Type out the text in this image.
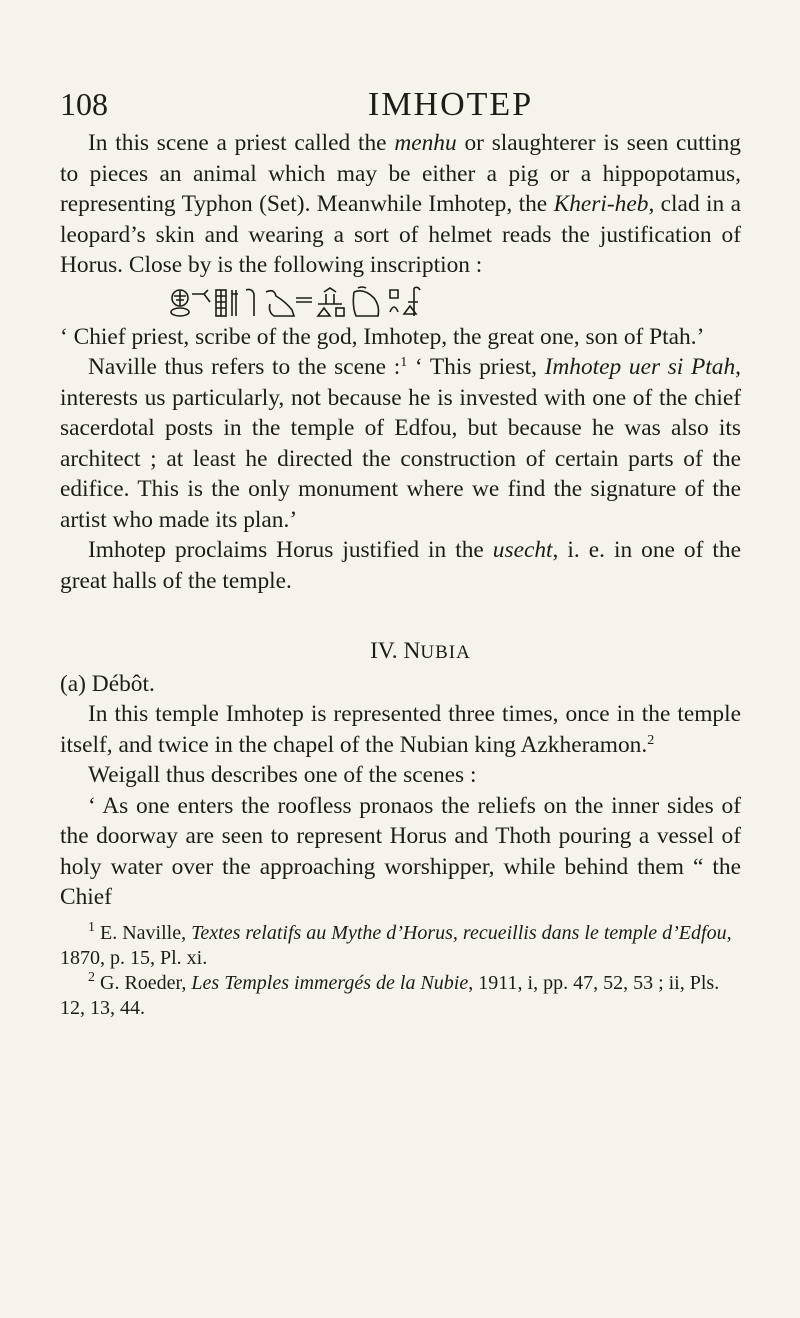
108	IMHOTEP

In this scene a priest called the menhu or slaughterer is seen cutting to pieces an animal which may be either a pig or a hippopotamus, representing Typhon (Set). Meanwhile Imhotep, the Kheri-heb, clad in a leopard’s skin and wearing a sort of helmet reads the justification of Horus. Close by is the following inscription :

‘ Chief priest, scribe of the god, Imhotep, the great one, son of Ptah.’

Naville thus refers to the scene :$^1$ ‘ This priest, Imhotep uer si Ptah, interests us particularly, not because he is invested with one of the chief sacerdotal posts in the temple of Edfou, but because he was also its architect ; at least he directed the construction of certain parts of the edifice. This is the only monument where we find the signature of the artist who made its plan.’

Imhotep proclaims Horus justified in the usecht, i. e. in one of the great halls of the temple.

IV. NUBIA

(a) Débôt.

In this temple Imhotep is represented three times, once in the temple itself, and twice in the chapel of the Nubian king Azkheramon.$^2$

Weigall thus describes one of the scenes :

‘ As one enters the roofless pronaos the reliefs on the inner sides of the doorway are seen to represent Horus and Thoth pouring a vessel of holy water over the approaching worshipper, while behind them “ the Chief

$^1$ E. Naville, Textes relatifs au Mythe d’Horus, recueillis dans le temple d’Edfou, 1870, p. 15, Pl. xi.

$^2$ G. Roeder, Les Temples immergés de la Nubie, 1911, i, pp. 47, 52, 53 ; ii, Pls. 12, 13, 44.
